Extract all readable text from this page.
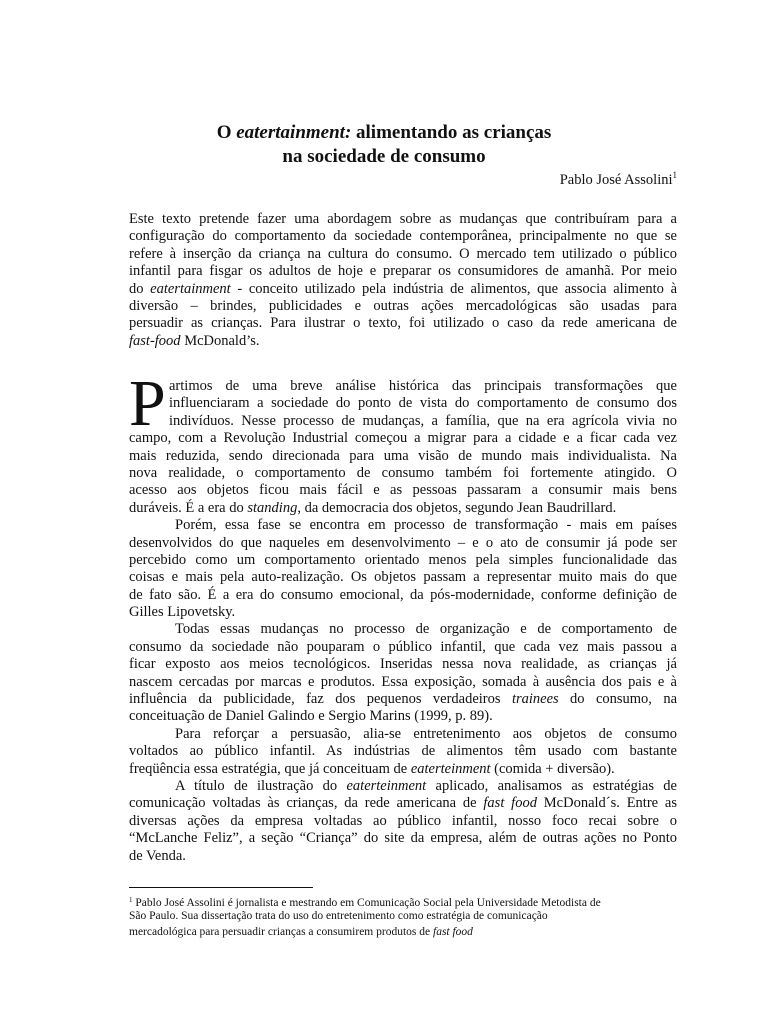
O eatertainment: alimentando as crianças
na sociedade de consumo
Pablo José Assolini$^1$
Este texto pretende fazer uma abordagem sobre as mudanças que contribuíram para a
configuração do comportamento da sociedade contemporânea, principalmente no que se
refere à inserção da criança na cultura do consumo. O mercado tem utilizado o público
infantil para fisgar os adultos de hoje e preparar os consumidores de amanhã. Por meio
do eatertainment - conceito utilizado pela indústria de alimentos, que associa alimento à
diversão – brindes, publicidades e outras ações mercadológicas são usadas para
persuadir as crianças. Para ilustrar o texto, foi utilizado o caso da rede americana de
fast-food McDonald’s.
P artimos de uma breve análise histórica das principais transformações que
influenciaram a sociedade do ponto de vista do comportamento de consumo dos
indivíduos. Nesse processo de mudanças, a família, que na era agrícola vivia no
campo, com a Revolução Industrial começou a migrar para a cidade e a ficar cada vez
mais reduzida, sendo direcionada para uma visão de mundo mais individualista. Na
nova realidade, o comportamento de consumo também foi fortemente atingido. O
acesso aos objetos ficou mais fácil e as pessoas passaram a consumir mais bens
duráveis. É a era do standing, da democracia dos objetos, segundo Jean Baudrillard.
Porém, essa fase se encontra em processo de transformação - mais em países
desenvolvidos do que naqueles em desenvolvimento – e o ato de consumir já pode ser
percebido como um comportamento orientado menos pela simples funcionalidade das
coisas e mais pela auto-realização. Os objetos passam a representar muito mais do que
de fato são. É a era do consumo emocional, da pós-modernidade, conforme definição de
Gilles Lipovetsky.
Todas essas mudanças no processo de organização e de comportamento de
consumo da sociedade não pouparam o público infantil, que cada vez mais passou a
ficar exposto aos meios tecnológicos. Inseridas nessa nova realidade, as crianças já
nascem cercadas por marcas e produtos. Essa exposição, somada à ausência dos pais e à
influência da publicidade, faz dos pequenos verdadeiros trainees do consumo, na
conceituação de Daniel Galindo e Sergio Marins (1999, p. 89).
Para reforçar a persuasão, alia-se entretenimento aos objetos de consumo
voltados ao público infantil. As indústrias de alimentos têm usado com bastante
freqüência essa estratégia, que já conceituam de eaterteinment (comida + diversão).
A título de ilustração do eaterteinment aplicado, analisamos as estratégias de
comunicação voltadas às crianças, da rede americana de fast food McDonald´s. Entre as
diversas ações da empresa voltadas ao público infantil, nosso foco recai sobre o
“McLanche Feliz”, a seção “Criança” do site da empresa, além de outras ações no Ponto
de Venda.
$^1$ Pablo José Assolini é jornalista e mestrando em Comunicação Social pela Universidade Metodista de
São Paulo. Sua dissertação trata do uso do entretenimento como estratégia de comunicação
mercadológica para persuadir crianças a consumirem produtos de fast food
